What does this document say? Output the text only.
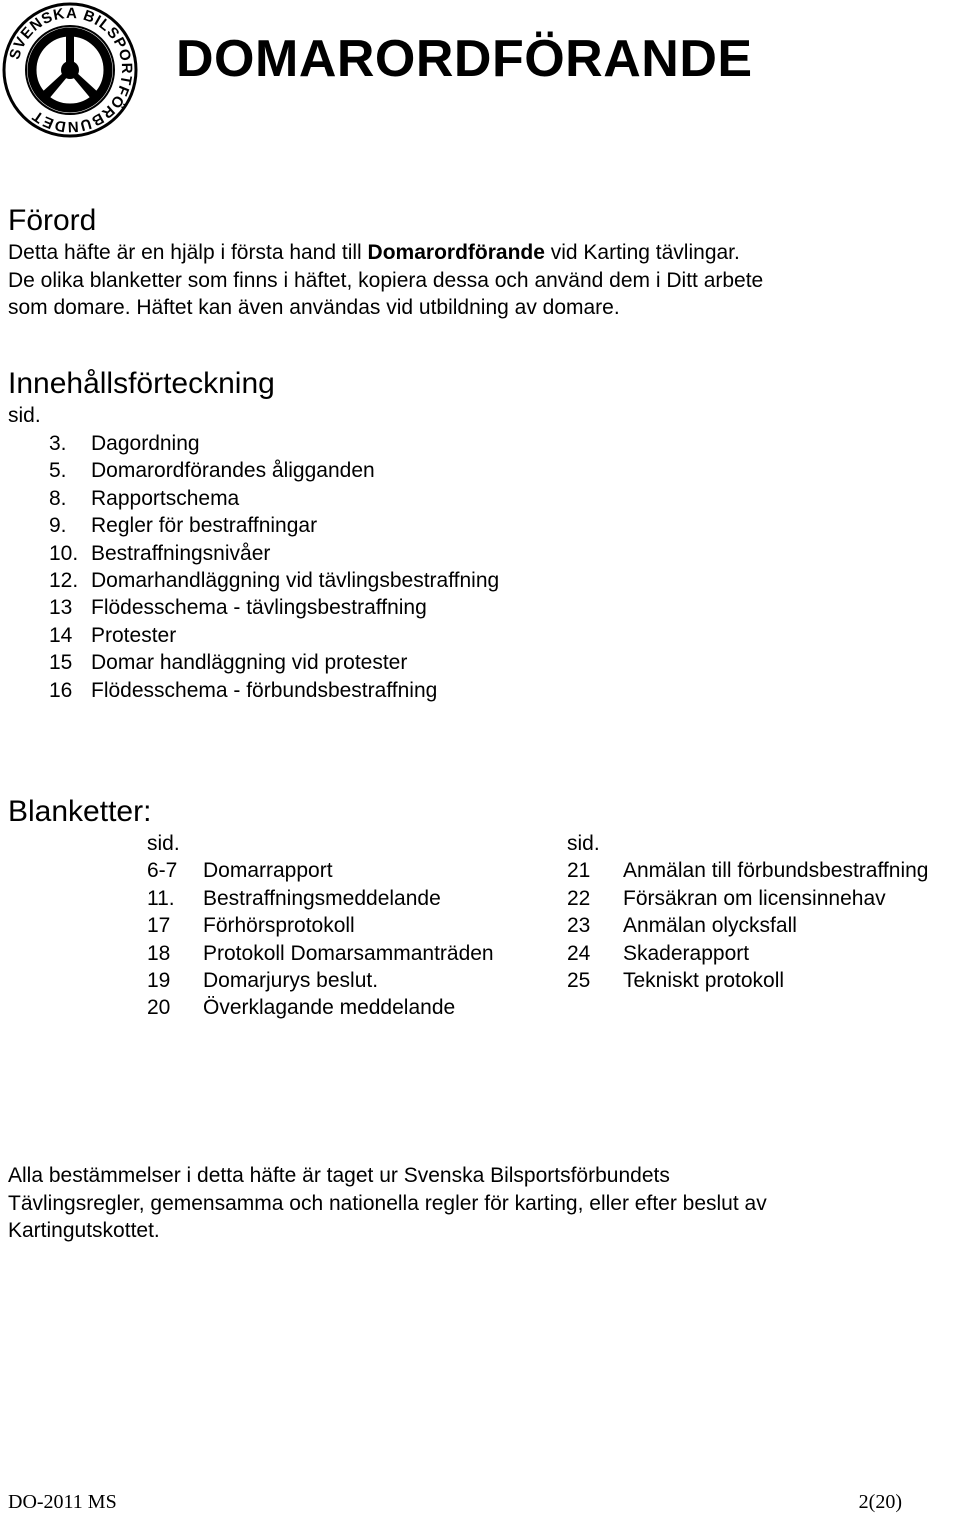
SVENSKA BILSPORTFÖRBUNDET
DOMARORDFÖRANDE
Förord
Detta häfte är en hjälp i första hand till Domarordförande vid Karting tävlingar.
De olika blanketter som finns i häftet, kopiera dessa och använd dem i Ditt arbete
som domare. Häftet kan även användas vid utbildning av domare.
Innehållsförteckning
sid.
3.	Dagordning
5.	Domarordförandes åligganden
8.	Rapportschema
9.	Regler för bestraffningar
10. Bestraffningsnivåer
12. Domarhandläggning vid tävlingsbestraffning
13 Flödesschema - tävlingsbestraffning
14 Protester
15 Domar handläggning vid protester
16 Flödesschema - förbundsbestraffning
Blanketter:
sid.
6-7	Domarrapport
11.	Bestraffningsmeddelande
17	Förhörsprotokoll
18	Protokoll Domarsammanträden
19	Domarjurys beslut.
20	Överklagande meddelande
sid.
21	Anmälan till förbundsbestraffning
22	Försäkran om licensinnehav
23	Anmälan olycksfall
24	Skaderapport
25	Tekniskt protokoll
Alla bestämmelser i detta häfte är taget ur Svenska Bilsportsförbundets
Tävlingsregler, gemensamma och nationella regler för karting, eller efter beslut av
Kartingutskottet.
DO-2011 MS	2(20)
